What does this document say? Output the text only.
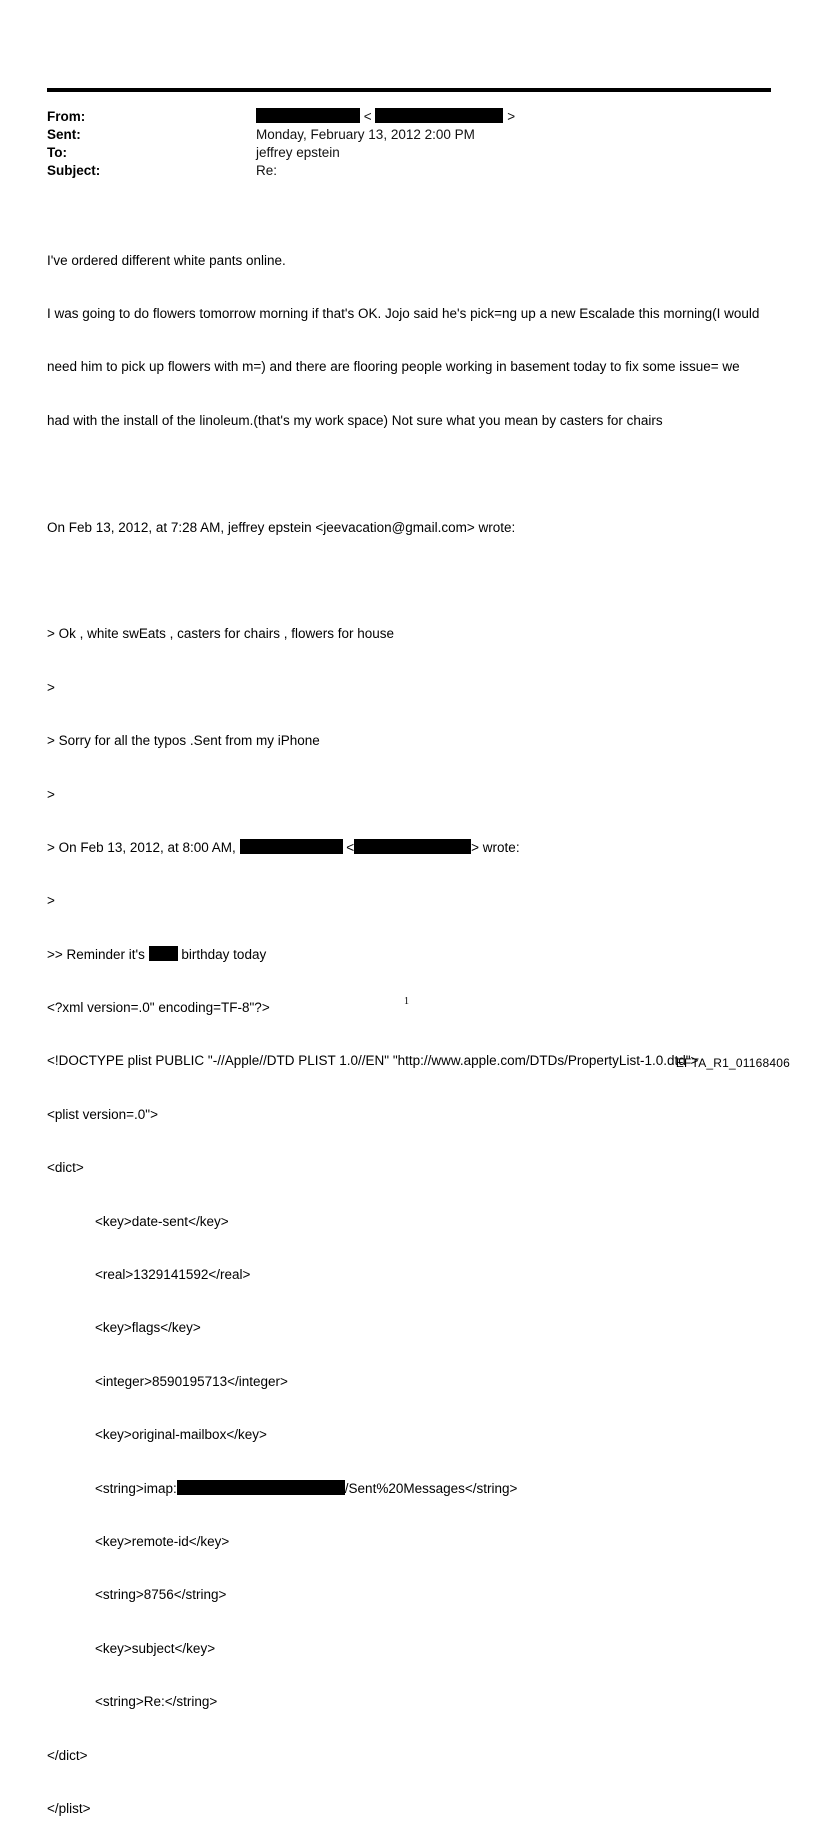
From:	<	>
Sent:	Monday, February 13, 2012 2:00 PM
To:	jeffrey epstein
Subject:	Re:

I've ordered different white pants online.

I was going to do flowers tomorrow morning if that's OK. Jojo said he's pick=ng up a new Escalade this morning(I would

need him to pick up flowers with m=) and there are flooring people working in basement today to fix some issue= we

had with the install of the linoleum.(that's my work space) Not sure what you mean by casters for chairs

On Feb 13, 2012, at 7:28 AM, jeffrey epstein <jeevacation@gmail.com> wrote:

> Ok , white swEats , casters for chairs , flowers for house

>

> Sorry for all the typos .Sent from my iPhone

>

> On Feb 13, 2012, at 8:00 AM,	<	> wrote:

>

>> Reminder it's	birthday today

<?xml version=.0" encoding=TF-8"?>

<!DOCTYPE plist PUBLIC "-//Apple//DTD PLIST 1.0//EN" "http://www.apple.com/DTDs/PropertyList-1.0.dtd">

<plist version=.0">

<dict>

<key>date-sent</key>

<real>1329141592</real>

<key>flags</key>

<integer>8590195713</integer>

<key>original-mailbox</key>

<string>imap:	/Sent%20Messages</string>

<key>remote-id</key>

<string>8756</string>

<key>subject</key>

<string>Re:</string>

</dict>

</plist>

1
EFTA_R1_01168406
